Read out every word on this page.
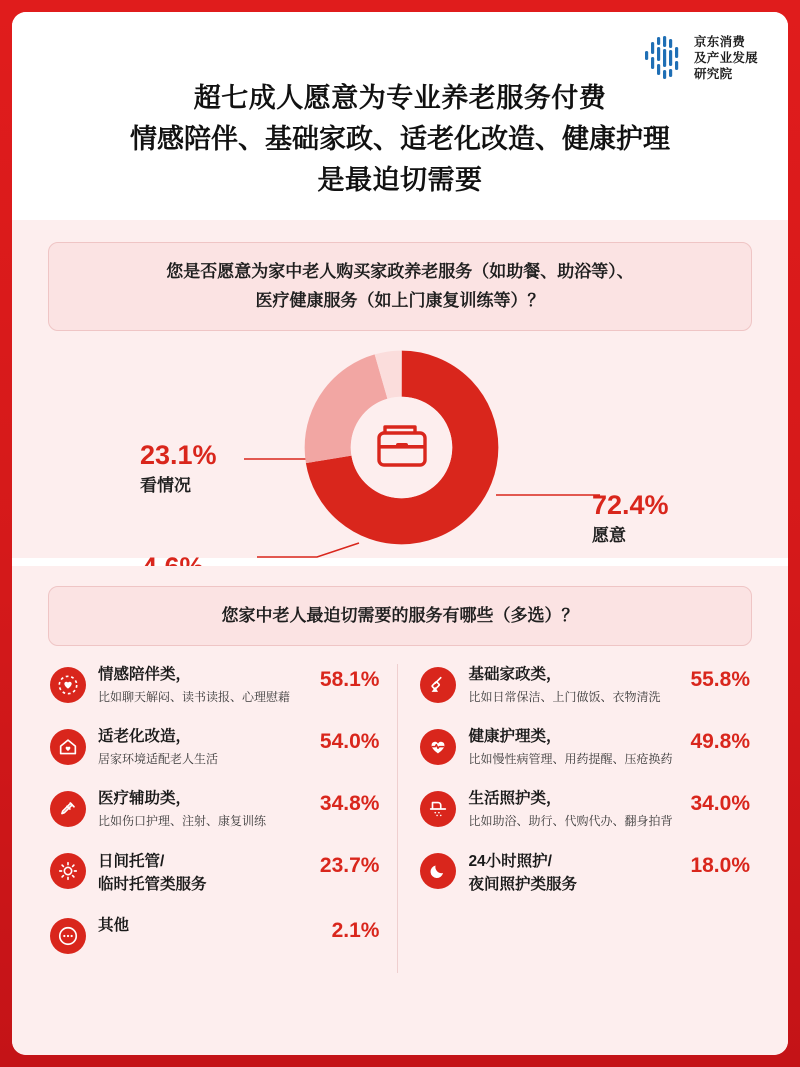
京东消费
及产业发展
研究院
超七成人愿意为专业养老服务付费
情感陪伴、基础家政、适老化改造、健康护理
是最迫切需要
您是否愿意为家中老人购买家政养老服务（如助餐、助浴等）、
医疗健康服务（如上门康复训练等）？
23.1%
看情况
72.4%
愿意
您家中老人最迫切需要的服务有哪些（多选）？
情感陪伴类，
比如聊天解闷、读书读报、心理慰藉
58.1%
适老化改造，
居家环境适配老人生活
54.0%
医疗辅助类，
比如伤口护理、注射、康复训练
34.8%
日间托管/
临时托管类服务
23.7%
其他	2.1%
基础家政类，
比如日常保洁、上门做饭、衣物清洗
55.8%
健康护理类，
比如慢性病管理、用药提醒、压疮换药
49.8%
生活照护类，
比如助浴、助行、代购代办、翻身拍背
34.0%
24小时照护/
夜间照护类服务
18.0%
